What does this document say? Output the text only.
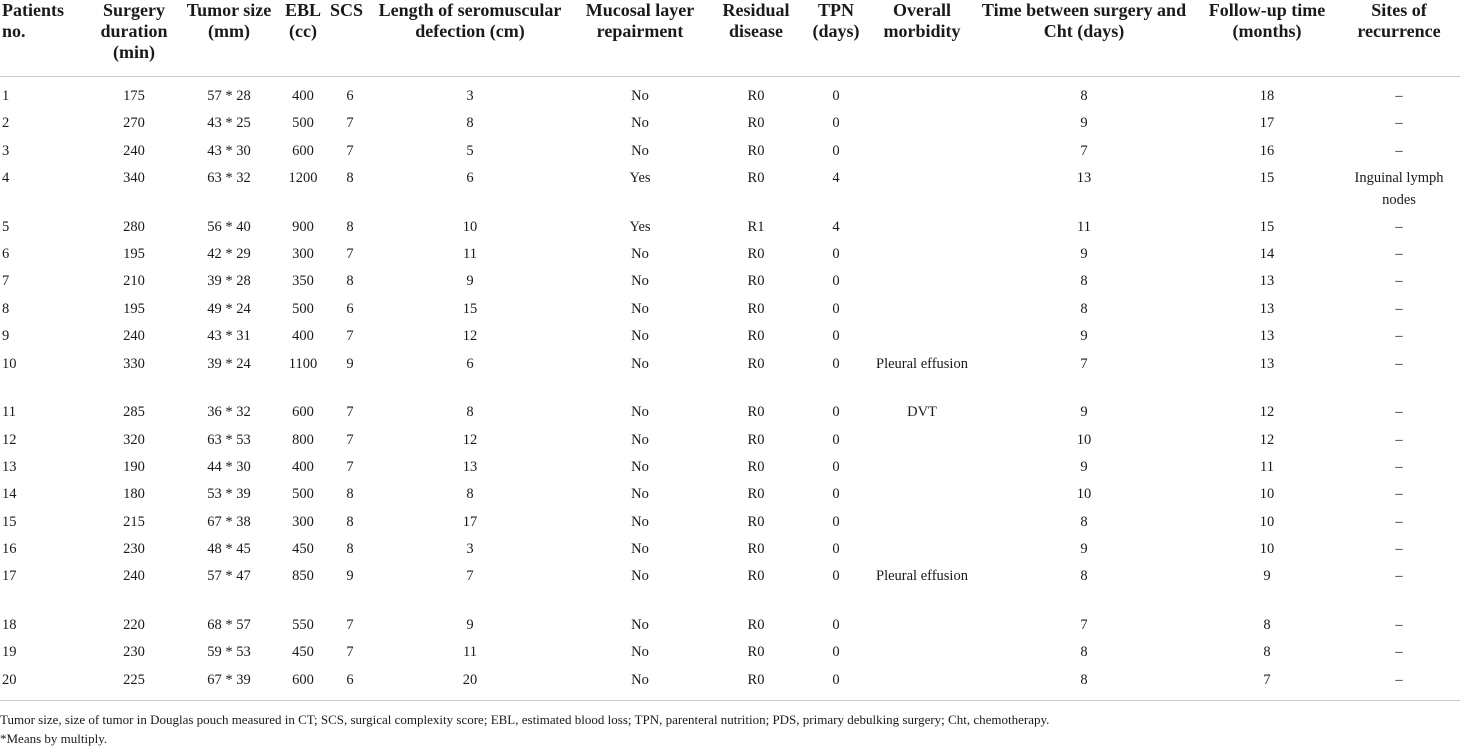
Patients no.	Surgery duration (min)	Tumor size (mm)	EBL (cc)	SCS	Length of seromuscular defection (cm)	Mucosal layer repairment	Residual disease	TPN (days)	Overall morbidity	Time between surgery and Cht (days)	Follow-up time (months)	Sites of recurrence

1	175	57 * 28	400	6	3	No	R0	0		8	18	–
2	270	43 * 25	500	7	8	No	R0	0		9	17	–
3	240	43 * 30	600	7	5	No	R0	0		7	16	–
4	340	63 * 32	1200	8	6	Yes	R0	4		13	15	Inguinal lymph nodes
5	280	56 * 40	900	8	10	Yes	R1	4		11	15	–
6	195	42 * 29	300	7	11	No	R0	0		9	14	–
7	210	39 * 28	350	8	9	No	R0	0		8	13	–
8	195	49 * 24	500	6	15	No	R0	0		8	13	–
9	240	43 * 31	400	7	12	No	R0	0		9	13	–
10	330	39 * 24	1100	9	6	No	R0	0	Pleural effusion	7	13	–
11	285	36 * 32	600	7	8	No	R0	0	DVT	9	12	–
12	320	63 * 53	800	7	12	No	R0	0		10	12	–
13	190	44 * 30	400	7	13	No	R0	0		9	11	–
14	180	53 * 39	500	8	8	No	R0	0		10	10	–
15	215	67 * 38	300	8	17	No	R0	0		8	10	–
16	230	48 * 45	450	8	3	No	R0	0		9	10	–
17	240	57 * 47	850	9	7	No	R0	0	Pleural effusion	8	9	–
18	220	68 * 57	550	7	9	No	R0	0		7	8	–
19	230	59 * 53	450	7	11	No	R0	0		8	8	–
20	225	67 * 39	600	6	20	No	R0	0		8	7	–
Tumor size, size of tumor in Douglas pouch measured in CT; SCS, surgical complexity score; EBL, estimated blood loss; TPN, parenteral nutrition; PDS, primary debulking surgery; Cht, chemotherapy.
*Means by multiply.
